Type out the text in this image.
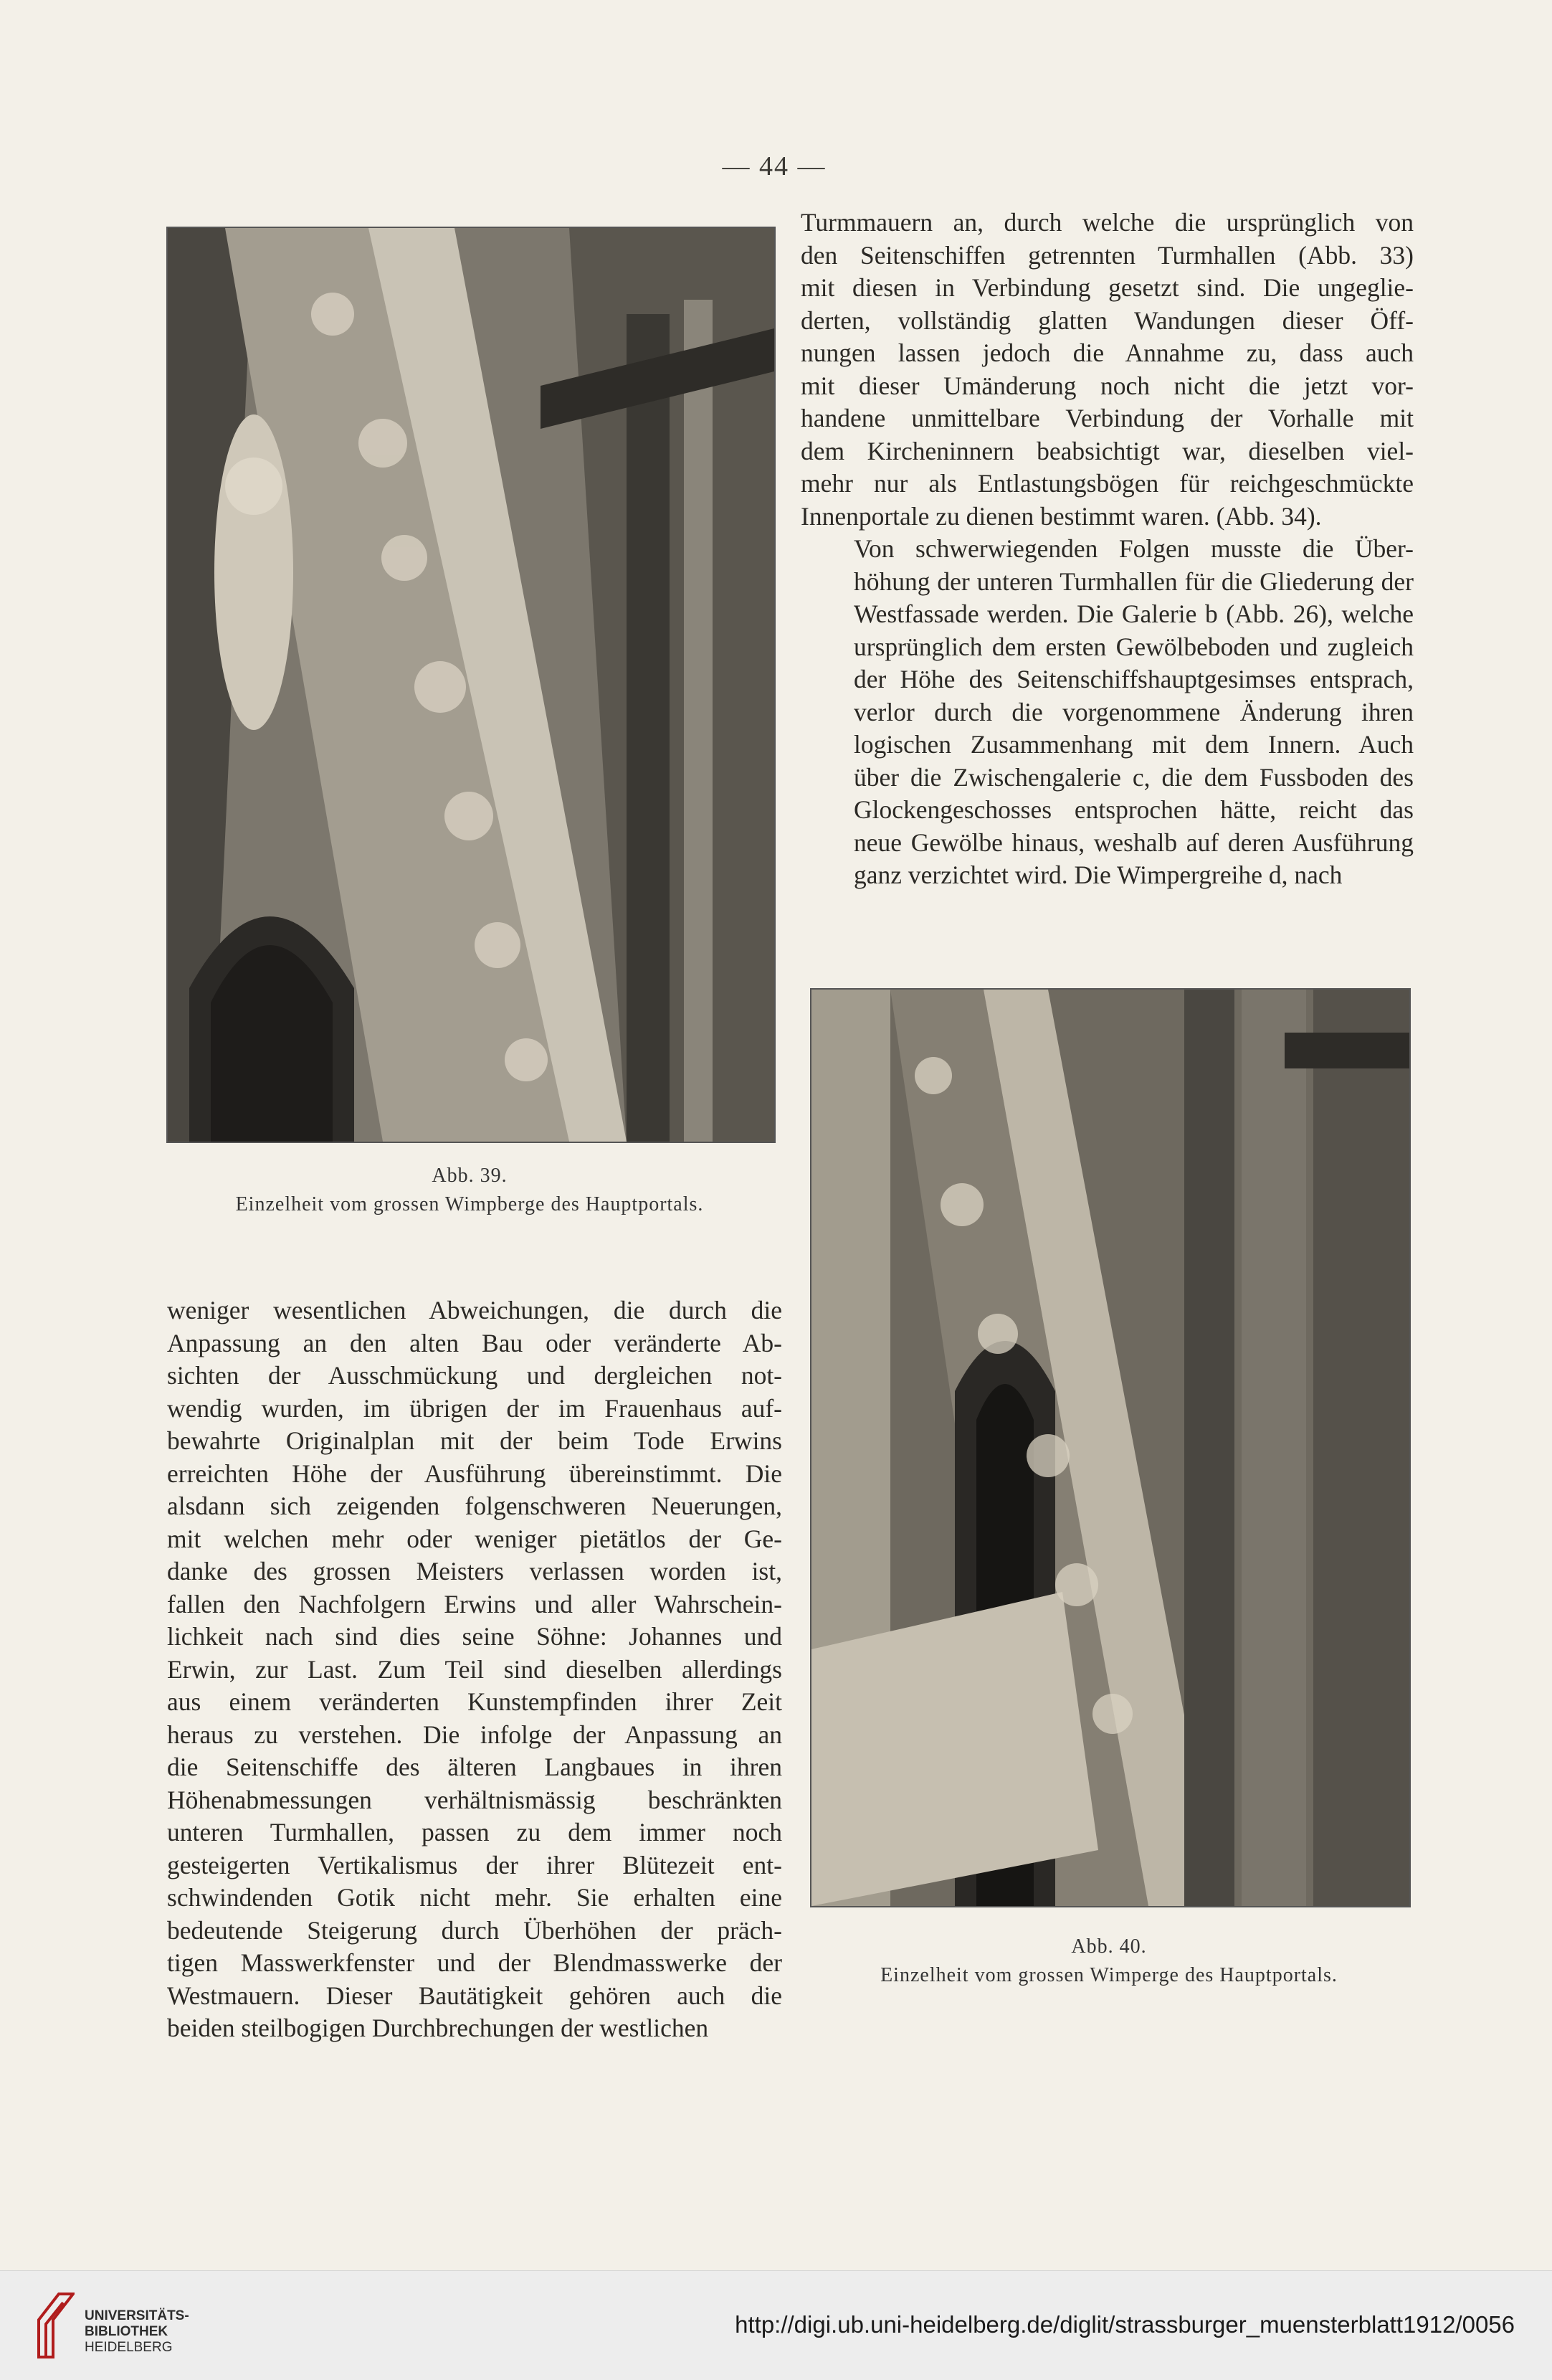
— 44 —

Turmmauern an, durch welche die ursprünglich von
den Seitenschiffen getrennten Turmhallen (Abb. 33)
mit diesen in Verbindung gesetzt sind. Die ungeglie-
derten, vollständig glatten Wandungen dieser Öff-
nungen lassen jedoch die Annahme zu, dass auch
mit dieser Umänderung noch nicht die jetzt vor-
handene unmittelbare Verbindung der Vorhalle mit
dem Kircheninnern beabsichtigt war, dieselben viel-
mehr nur als Entlastungsbögen für reichgeschmückte
Innenportale zu dienen bestimmt waren. (Abb. 34).

Von schwerwiegenden Folgen musste die Über-
höhung der unteren Turmhallen für die Gliederung der
Westfassade werden. Die Galerie b (Abb. 26), welche
ursprünglich dem ersten Gewölbeboden und zugleich
der Höhe des Seitenschiffshauptgesimses entsprach,
verlor durch die vorgenommene Änderung ihren
logischen Zusammenhang mit dem Innern. Auch
über die Zwischengalerie c, die dem Fussboden des
Glockengeschosses entsprochen hätte, reicht das
neue Gewölbe hinaus, weshalb auf deren Ausführung
ganz verzichtet wird. Die Wimpergreihe d, nach

Abb. 39.
Einzelheit vom grossen Wimpberge des Hauptportals.
Abb. 40.
Einzelheit vom grossen Wimperge des Hauptportals.
weniger wesentlichen Abweichungen, die durch die
Anpassung an den alten Bau oder veränderte Ab-
sichten der Ausschmückung und dergleichen not-
wendig wurden, im übrigen der im Frauenhaus auf-
bewahrte Originalplan mit der beim Tode Erwins
erreichten Höhe der Ausführung übereinstimmt. Die
alsdann sich zeigenden folgenschweren Neuerungen,
mit welchen mehr oder weniger pietätlos der Ge-
danke des grossen Meisters verlassen worden ist,
fallen den Nachfolgern Erwins und aller Wahrschein-
lichkeit nach sind dies seine Söhne: Johannes und
Erwin, zur Last. Zum Teil sind dieselben allerdings
aus einem veränderten Kunstempfinden ihrer Zeit
heraus zu verstehen. Die infolge der Anpassung an
die Seitenschiffe des älteren Langbaues in ihren
Höhenabmessungen verhältnismässig beschränkten
unteren Turmhallen, passen zu dem immer noch
gesteigerten Vertikalismus der ihrer Blütezeit ent-
schwindenden Gotik nicht mehr. Sie erhalten eine
bedeutende Steigerung durch Überhöhen der präch-
tigen Masswerkfenster und der Blendmasswerke der
Westmauern. Dieser Bautätigkeit gehören auch die
beiden steilbogigen Durchbrechungen der westlichen
UNIVERSITÄTS-
BIBLIOTHEK
HEIDELBERG
http://digi.ub.uni-heidelberg.de/diglit/strassburger_muensterblatt1912/0056
